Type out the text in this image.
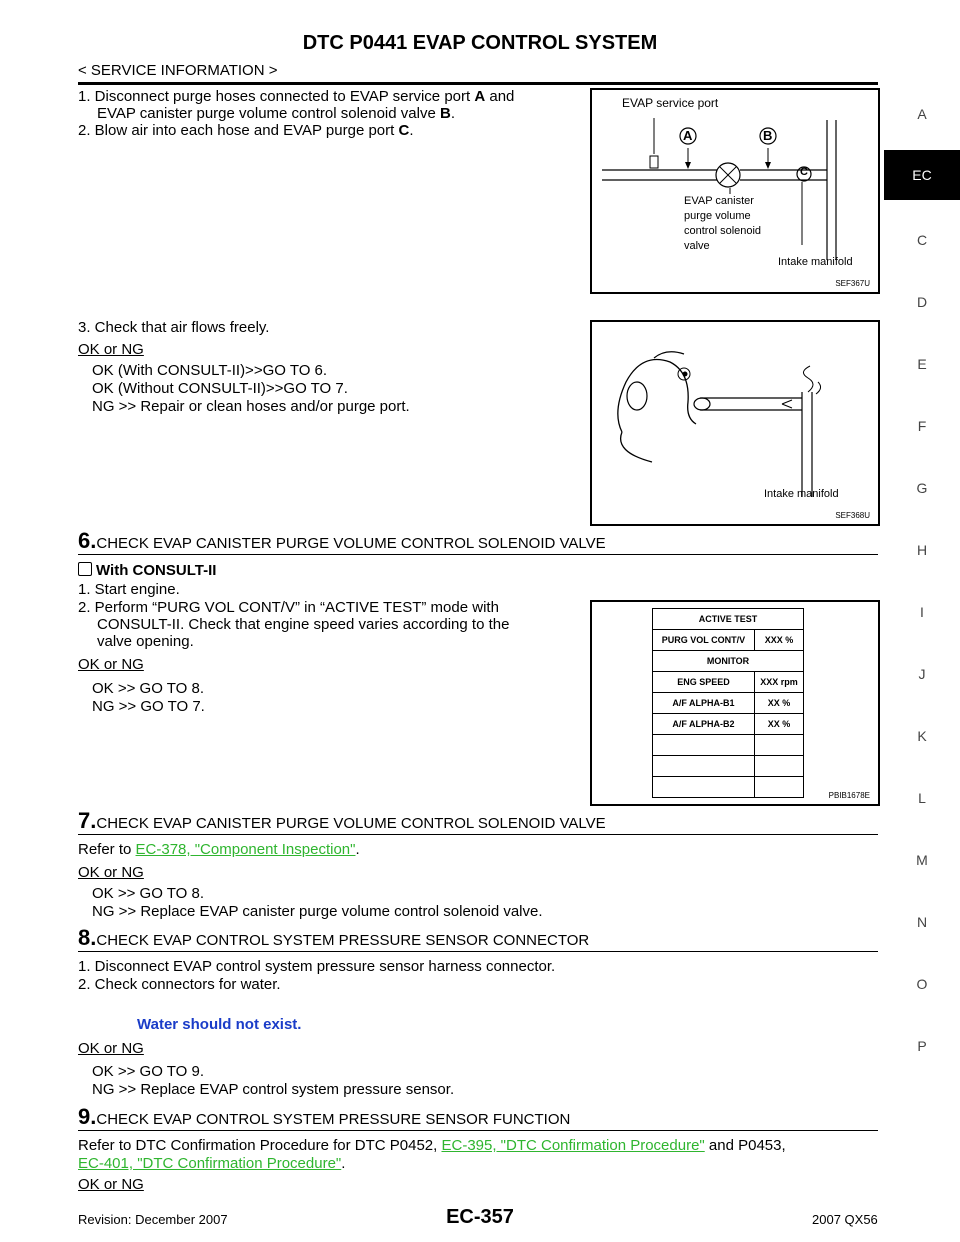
DTC P0441 EVAP CONTROL SYSTEM
< SERVICE INFORMATION >
A
EC
C
D
E
F
G
H
I
J
K
L
M
N
O
P
1. Disconnect purge hoses connected to EVAP service port A and
EVAP canister purge volume control solenoid valve B.
2. Blow air into each hose and EVAP purge port C.
EVAP service port
A	B
C
EVAP canister
purge volume
control solenoid
valve
Intake manifold
SEF367U
3. Check that air flows freely.
OK or NG
OK (With CONSULT-II)>>GO TO 6.
OK (Without CONSULT-II)>>GO TO 7.
NG >> Repair or clean hoses and/or purge port.
Intake manifold
SEF368U
6.CHECK EVAP CANISTER PURGE VOLUME CONTROL SOLENOID VALVE
With CONSULT-II
1. Start engine.
2. Perform “PURG VOL CONT/V” in “ACTIVE TEST” mode with
CONSULT-II. Check that engine speed varies according to the
valve opening.
OK or NG
OK >> GO TO 8.
NG >> GO TO 7.
ACTIVE TEST	
PURG VOL CONT/V	XXX %
MONITOR	
ENG SPEED	XXX rpm
A/F ALPHA-B1	XX %
A/F ALPHA-B2	XX %

PBIB1678E
7.CHECK EVAP CANISTER PURGE VOLUME CONTROL SOLENOID VALVE
Refer to EC-378, "Component Inspection".
OK or NG
OK >> GO TO 8.
NG >> Replace EVAP canister purge volume control solenoid valve.
8.CHECK EVAP CONTROL SYSTEM PRESSURE SENSOR CONNECTOR
1. Disconnect EVAP control system pressure sensor harness connector.
2. Check connectors for water.
Water should not exist.
OK or NG
OK >> GO TO 9.
NG >> Replace EVAP control system pressure sensor.
9.CHECK EVAP CONTROL SYSTEM PRESSURE SENSOR FUNCTION
Refer to DTC Confirmation Procedure for DTC P0452, EC-395, "DTC Confirmation Procedure" and P0453,
EC-401, "DTC Confirmation Procedure".
OK or NG
Revision: December 2007	EC-357	2007 QX56
